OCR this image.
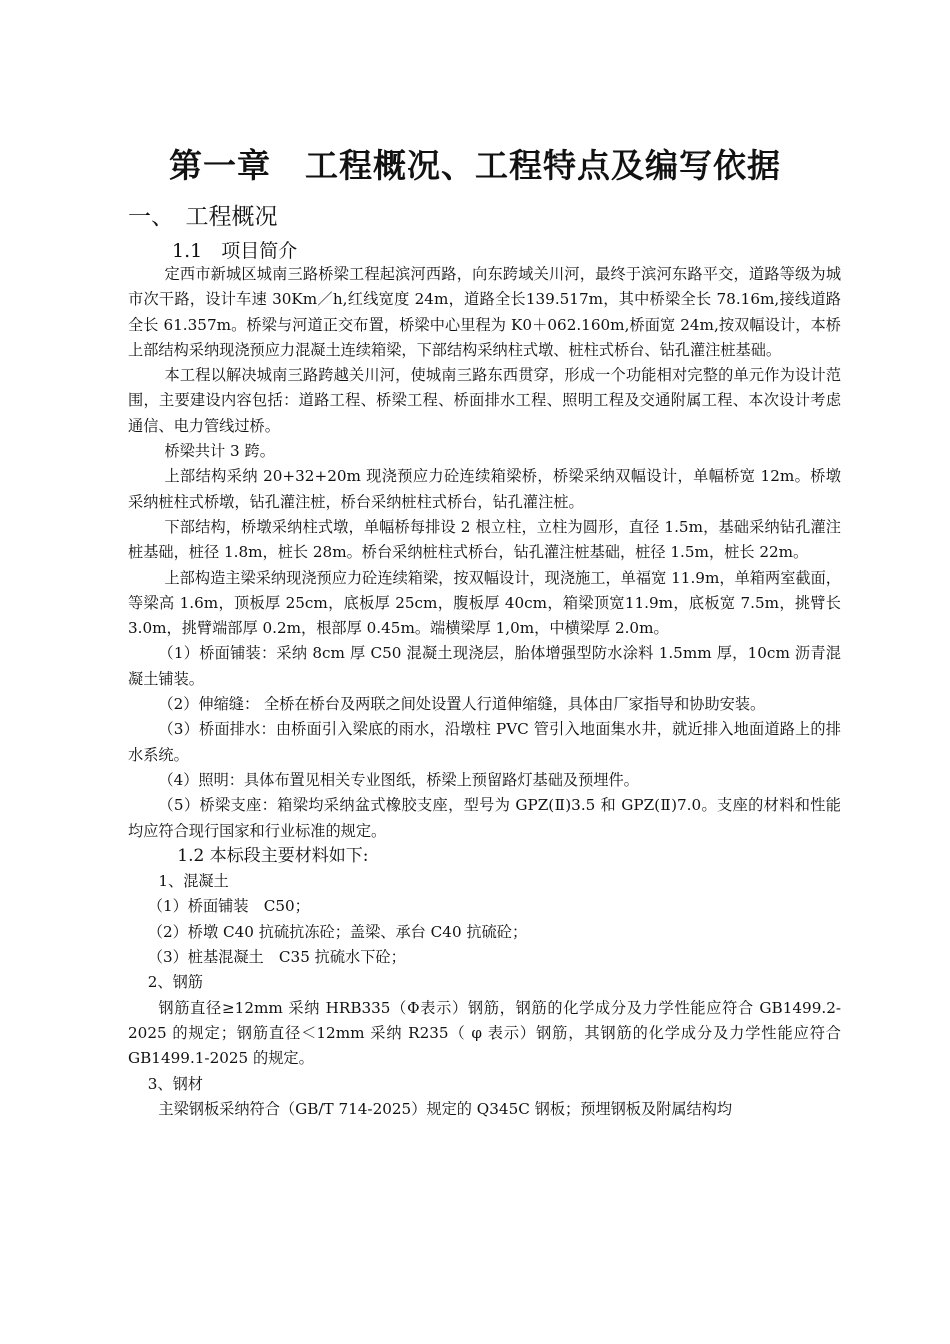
第一章　工程概况、工程特点及编写依据
一、　工程概况
1.1　项目简介

定西市新城区城南三路桥梁工程起滨河西路，向东跨域关川河，最终于滨河东路平交，道路等级为城市次干路，设计车速 30Km／h,红线宽度 24m，道路全长139.517m，其中桥梁全长 78.16m,接线道路全长 61.357m。桥梁与河道正交布置，桥梁中心里程为 K0＋062.160m,桥面宽 24m,按双幅设计，本桥上部结构采纳现浇预应力混凝土连续箱梁，下部结构采纳柱式墩、桩柱式桥台、钻孔灌注桩基础。

本工程以解决城南三路跨越关川河，使城南三路东西贯穿，形成一个功能相对完整的单元作为设计范围，主要建设内容包括：道路工程、桥梁工程、桥面排水工程、照明工程及交通附属工程、本次设计考虑通信、电力管线过桥。

桥梁共计 3 跨。

上部结构采纳 20+32+20m 现浇预应力砼连续箱梁桥，桥梁采纳双幅设计，单幅桥宽 12m。桥墩采纳桩柱式桥墩，钻孔灌注桩，桥台采纳桩柱式桥台，钻孔灌注桩。

下部结构，桥墩采纳柱式墩，单幅桥每排设 2 根立柱，立柱为圆形，直径 1.5m，基础采纳钻孔灌注桩基础，桩径 1.8m，桩长 28m。桥台采纳桩柱式桥台，钻孔灌注桩基础，桩径 1.5m，桩长 22m。

上部构造主梁采纳现浇预应力砼连续箱梁，按双幅设计，现浇施工，单福宽 11.9m，单箱两室截面，等梁高 1.6m，顶板厚 25cm，底板厚 25cm，腹板厚 40cm，箱梁顶宽11.9m，底板宽 7.5m，挑臂长 3.0m，挑臂端部厚 0.2m，根部厚 0.45m。端横梁厚 1,0m，中横梁厚 2.0m。

（1）桥面铺装：采纳 8cm 厚 C50 混凝土现浇层，胎体增强型防水涂料 1.5mm 厚，10cm 沥青混凝土铺装。

（2）伸缩缝： 全桥在桥台及两联之间处设置人行道伸缩缝，具体由厂家指导和协助安装。

（3）桥面排水：由桥面引入梁底的雨水，沿墩柱 PVC 管引入地面集水井，就近排入地面道路上的排水系统。

（4）照明：具体布置见相关专业图纸，桥梁上预留路灯基础及预埋件。

（5）桥梁支座：箱梁均采纳盆式橡胶支座，型号为 GPZ(Ⅱ)3.5 和 GPZ(Ⅱ)7.0。支座的材料和性能均应符合现行国家和行业标准的规定。

1.2 本标段主要材料如下:

1、混凝土

（1）桥面铺装　C50；

（2）桥墩 C40 抗硫抗冻砼；盖梁、承台 C40 抗硫砼；

（3）桩基混凝土　C35 抗硫水下砼；

2、钢筋

钢筋直径≥12mm 采纳 HRB335（Φ表示）钢筋，钢筋的化学成分及力学性能应符合 GB1499.2-2025 的规定；钢筋直径＜12mm 采纳 R235（ φ 表示）钢筋，其钢筋的化学成分及力学性能应符合 GB1499.1-2025 的规定。

3、钢材

主梁钢板采纳符合（GB/T 714-2025）规定的 Q345C 钢板；预埋钢板及附属结构均
